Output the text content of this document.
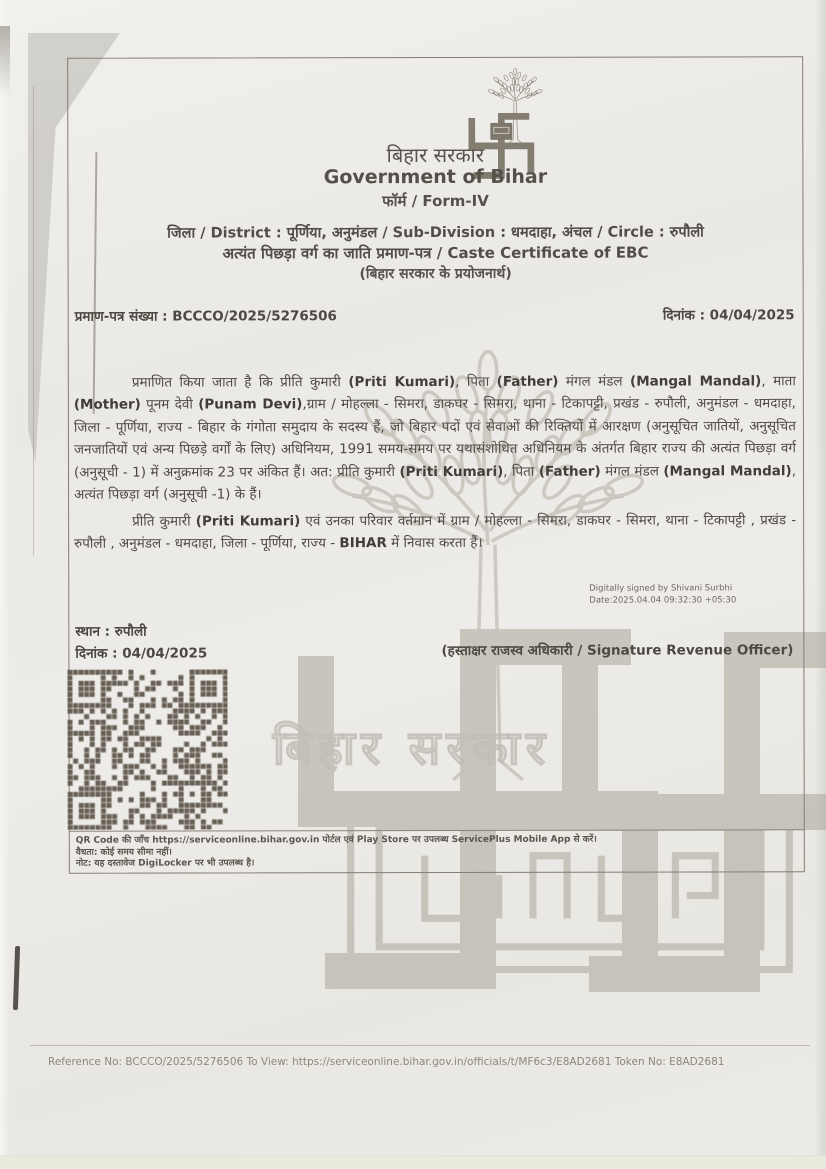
बिहार सरकार
बिहार सरकार
Government of Bihar
फॉर्म / Form-IV
जिला / District : पूर्णिया, अनुमंडल / Sub-Division : धमदाहा, अंचल / Circle : रुपौली
अत्यंत पिछड़ा वर्ग का जाति प्रमाण-पत्र / Caste Certificate of EBC
(बिहार सरकार के प्रयोजनार्थ)
प्रमाण-पत्र संख्या : BCCCO/2025/5276506	दिनांक : 04/04/2025
प्रमाणित किया जाता है कि प्रीति कुमारी (Priti Kumari), पिता (Father) मंगल मंडल (Mangal Mandal), माता (Mother) पूनम देवी (Punam Devi),ग्राम / मोहल्ला - सिमरा, डाकघर - सिमरा, थाना - टिकापट्टी, प्रखंड - रुपौली, अनुमंडल - धमदाहा, जिला - पूर्णिया, राज्य - बिहार के गंगोता समुदाय के सदस्य हैं, जो बिहार पदों एवं सेवाओं की रिक्तियों में आरक्षण (अनुसूचित जातियों, अनुसूचित जनजातियों एवं अन्य पिछड़े वर्गों के लिए) अधिनियम, 1991 समय-समय पर यथासंशोधित अधिनियम के अंतर्गत बिहार राज्य की अत्यंत पिछड़ा वर्ग (अनुसूची - 1) में अनुक्रमांक 23 पर अंकित हैं। अत: प्रीति कुमारी (Priti Kumari), पिता (Father) मंगल मंडल (Mangal Mandal), अत्यंत पिछड़ा वर्ग (अनुसूची -1) के हैं।
प्रीति कुमारी (Priti Kumari) एवं उनका परिवार वर्तमान में ग्राम / मोहल्ला - सिमरा, डाकघर - सिमरा, थाना - टिकापट्टी , प्रखंड - रुपौली , अनुमंडल - धमदाहा, जिला - पूर्णिया, राज्य - BIHAR में निवास करता हैं।
Digitally signed by Shivani Surbhi
Date:2025.04.04 09:32:30 +05:30
स्थान : रुपौली
दिनांक : 04/04/2025	(हस्ताक्षर राजस्व अधिकारी / Signature Revenue Officer)
QR Code की जाँच https://serviceonline.bihar.gov.in पोर्टल एवं Play Store पर उपलब्ध ServicePlus Mobile App से करें।
वैधता: कोई समय सीमा नहीं।
नोट: यह दस्तावेज DigiLocker पर भी उपलब्ध है।
Reference No: BCCCO/2025/5276506 To View: https://serviceonline.bihar.gov.in/officials/t/MF6c3/E8AD2681 Token No: E8AD2681
